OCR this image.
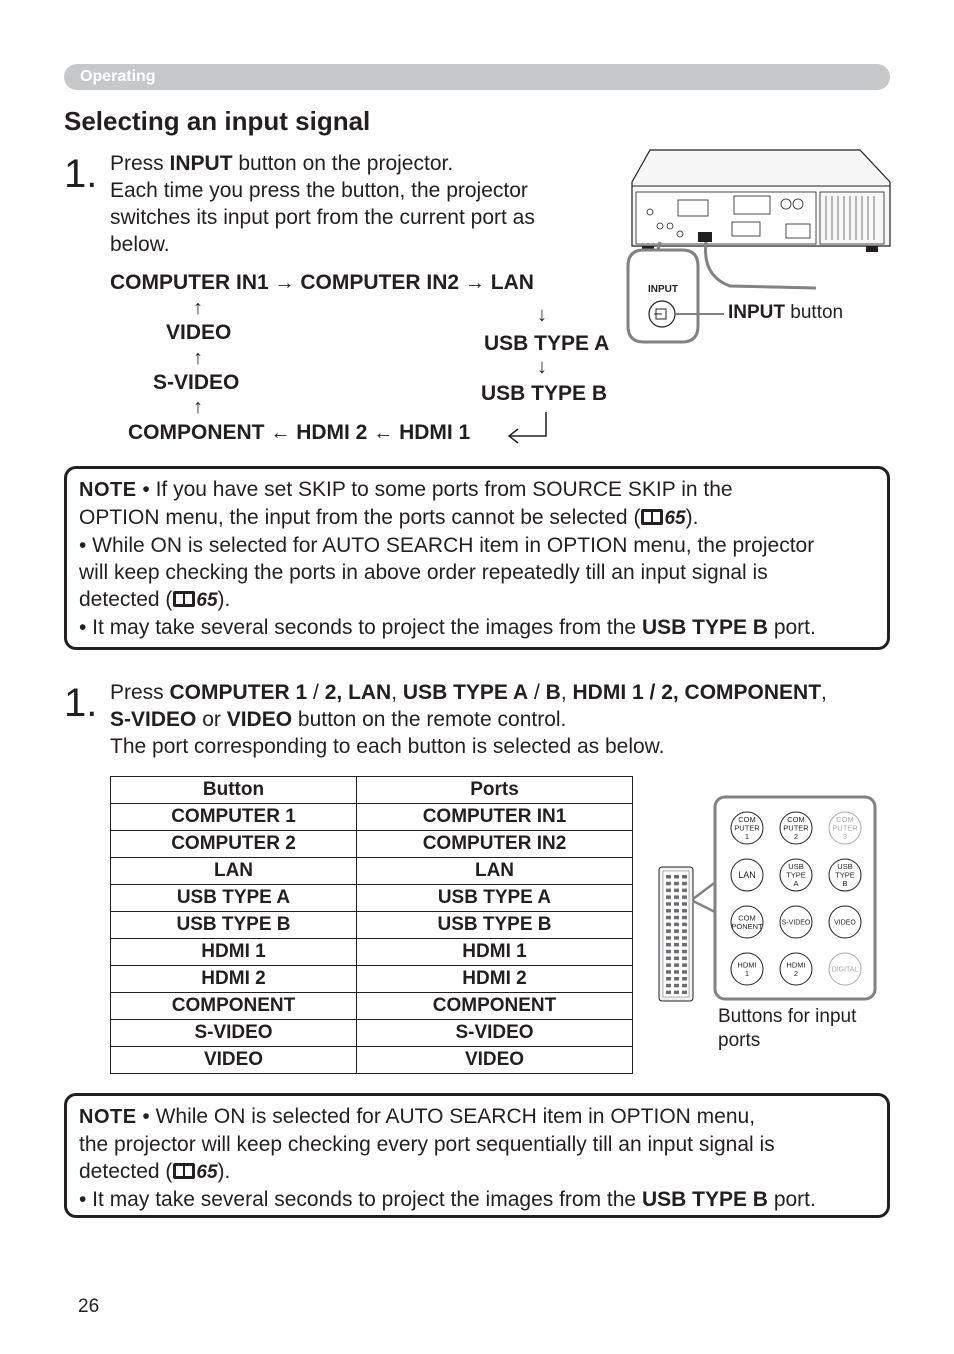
Operating
Selecting an input signal
1. Press INPUT button on the projector.
Each time you press the button, the projector
switches its input port from the current port as
below.
COMPUTER IN1 → COMPUTER IN2 → LAN
↑
VIDEO
↑
S-VIDEO
↑
↓
USB TYPE A
↓
USB TYPE B
COMPONENT ← HDMI 2 ← HDMI 1
INPUT
INPUT button
NOTE • If you have set SKIP to some ports from SOURCE SKIP in the
OPTION menu, the input from the ports cannot be selected ( 65).
• While ON is selected for AUTO SEARCH item in OPTION menu, the projector
will keep checking the ports in above order repeatedly till an input signal is
detected ( 65).
• It may take several seconds to project the images from the USB TYPE B port.
1. Press COMPUTER 1 / 2, LAN, USB TYPE A / B, HDMI 1 / 2, COMPONENT,
S-VIDEO or VIDEO button on the remote control.
The port corresponding to each button is selected as below.
Button	Ports
COMPUTER 1	COMPUTER IN1
COMPUTER 2	COMPUTER IN2
LAN	LAN
USB TYPE A	USB TYPE A
USB TYPE B	USB TYPE B
HDMI 1	HDMI 1
HDMI 2	HDMI 2
COMPONENT	COMPONENT
S-VIDEO	S-VIDEO
VIDEO	VIDEO
COM
PUTER
1
COM
PUTER
2
COM
PUTER
3
LAN
USB
TYPE
A
USB
TYPE
B
COM
PONENT	S-VIDEO	VIDEO
HDMI
1
HDMI
2	DIGITAL
Buttons for input
ports
NOTE • While ON is selected for AUTO SEARCH item in OPTION menu,
the projector will keep checking every port sequentially till an input signal is
detected ( 65).
• It may take several seconds to project the images from the USB TYPE B port.
26
